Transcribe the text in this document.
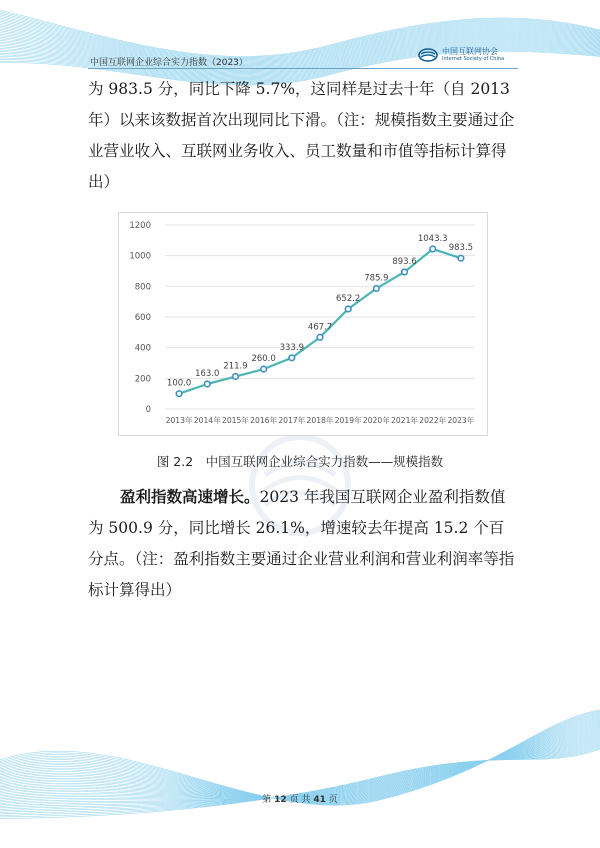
中国互联网企业综合实力指数（2023）
中国互联网协会
Internet Society of China
为 983.5 分，同比下降 5.7%，这同样是过去十年（自 2013 年）以来该数据首次出现同比下滑。（注：规模指数主要通过企业营业收入、互联网业务收入、员工数量和市值等指标计算得出）
0
200
400
600
800
1000
1200
2013年 2014年 2015年 2016年 2017年 2018年 2019年 2020年 2021年 2022年 2023年
100.0
163.0
211.9
260.0
333.9
467.7
652.2
785.9
893.6
1043.3
983.5
图 2.2　中国互联网企业综合实力指数——规模指数
盈利指数高速增长。2023 年我国互联网企业盈利指数值为 500.9 分，同比增长 26.1%，增速较去年提高 15.2 个百分点。（注：盈利指数主要通过企业营业利润和营业利润率等指标计算得出）
第 12 页 共 41 页
